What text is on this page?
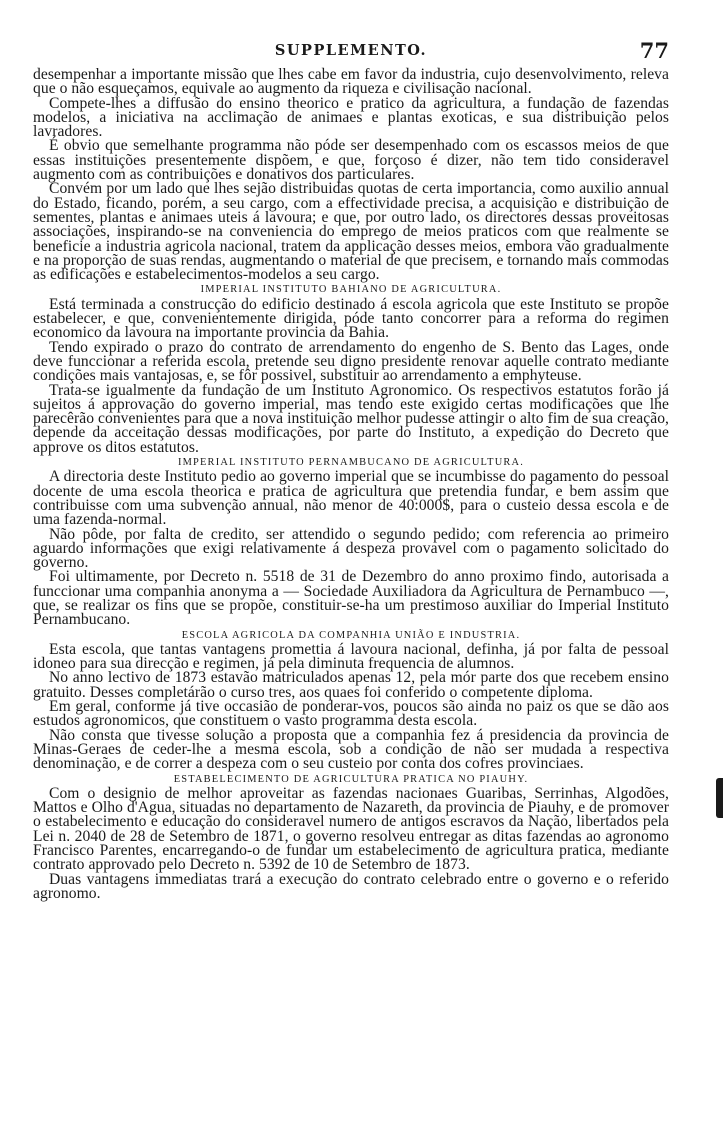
SUPPLEMENTO.	77

desempenhar a importante missão que lhes cabe em favor da industria, cujo desenvolvimento, releva que o não esqueçamos, equivale ao augmento da riqueza e civilisação nacional.

Compete-lhes a diffusão do ensino theorico e pratico da agricultura, a fundação de fazendas modelos, a iniciativa na acclimação de animaes e plantas exoticas, e sua distribuição pelos lavradores.

É obvio que semelhante programma não póde ser desempenhado com os escassos meios de que essas instituições presentemente dispõem, e que, forçoso é dizer, não tem tido consideravel augmento com as contribuições e donativos dos particulares.

Convém por um lado que lhes sejão distribuidas quotas de certa importancia, como auxilio annual do Estado, ficando, porém, a seu cargo, com a effectividade precisa, a acquisição e distribuição de sementes, plantas e animaes uteis á lavoura; e que, por outro lado, os directores dessas proveitosas associações, inspirando-se na conveniencia do emprego de meios praticos com que realmente se beneficie a industria agricola nacional, tratem da applicação desses meios, embora vão gradualmente e na proporção de suas rendas, augmentando o material de que precisem, e tornando mais commodas as edificações e estabelecimentos-modelos a seu cargo.

IMPERIAL INSTITUTO BAHIANO DE AGRICULTURA.

Está terminada a construcção do edificio destinado á escola agricola que este Instituto se propõe estabelecer, e que, convenientemente dirigida, póde tanto concorrer para a reforma do regimen economico da lavoura na importante provincia da Bahia.

Tendo expirado o prazo do contrato de arrendamento do engenho de S. Bento das Lages, onde deve funccionar a referida escola, pretende seu digno presidente renovar aquelle contrato mediante condições mais vantajosas, e, se fôr possivel, substituir ao arrendamento a emphyteuse.

Trata-se igualmente da fundação de um Instituto Agronomico. Os respectivos estatutos forão já sujeitos á approvação do governo imperial, mas tendo este exigido certas modificações que lhe parecêrão convenientes para que a nova instituição melhor pudesse attingir o alto fim de sua creação, depende da acceitação dessas modificações, por parte do Instituto, a expedição do Decreto que approve os ditos estatutos.

IMPERIAL INSTITUTO PERNAMBUCANO DE AGRICULTURA.

A directoria deste Instituto pedio ao governo imperial que se incumbisse do pagamento do pessoal docente de uma escola theorica e pratica de agricultura que pretendia fundar, e bem assim que contribuisse com uma subvenção annual, não menor de 40:000$, para o custeio dessa escola e de uma fazenda-normal.

Não pôde, por falta de credito, ser attendido o segundo pedido; com referencia ao primeiro aguardo informações que exigi relativamente á despeza provavel com o pagamento solicitado do governo.

Foi ultimamente, por Decreto n. 5518 de 31 de Dezembro do anno proximo findo, autorisada a funccionar uma companhia anonyma a — Sociedade Auxiliadora da Agricultura de Pernambuco —, que, se realizar os fins que se propõe, constituir-se-ha um prestimoso auxiliar do Imperial Instituto Pernambucano.

ESCOLA AGRICOLA DA COMPANHIA UNIÃO E INDUSTRIA.

Esta escola, que tantas vantagens promettia á lavoura nacional, definha, já por falta de pessoal idoneo para sua direcção e regimen, já pela diminuta frequencia de alumnos.

No anno lectivo de 1873 estavão matriculados apenas 12, pela mór parte dos que recebem ensino gratuito. Desses completárão o curso tres, aos quaes foi conferido o competente diploma.

Em geral, conforme já tive occasião de ponderar-vos, poucos são ainda no paiz os que se dão aos estudos agronomicos, que constituem o vasto programma desta escola.

Não consta que tivesse solução a proposta que a companhia fez á presidencia da provincia de Minas-Geraes de ceder-lhe a mesma escola, sob a condição de não ser mudada a respectiva denominação, e de correr a despeza com o seu custeio por conta dos cofres provinciaes.

ESTABELECIMENTO DE AGRICULTURA PRATICA NO PIAUHY.

Com o designio de melhor aproveitar as fazendas nacionaes Guaribas, Serrinhas, Algodões, Mattos e Olho d'Agua, situadas no departamento de Nazareth, da provincia de Piauhy, e de promover o estabelecimento e educação do consideravel numero de antigos escravos da Nação, libertados pela Lei n. 2040 de 28 de Setembro de 1871, o governo resolveu entregar as ditas fazendas ao agronomo Francisco Parentes, encarregando-o de fundar um estabelecimento de agricultura pratica, mediante contrato approvado pelo Decreto n. 5392 de 10 de Setembro de 1873.

Duas vantagens immediatas trará a execução do contrato celebrado entre o governo e o referido agronomo.
